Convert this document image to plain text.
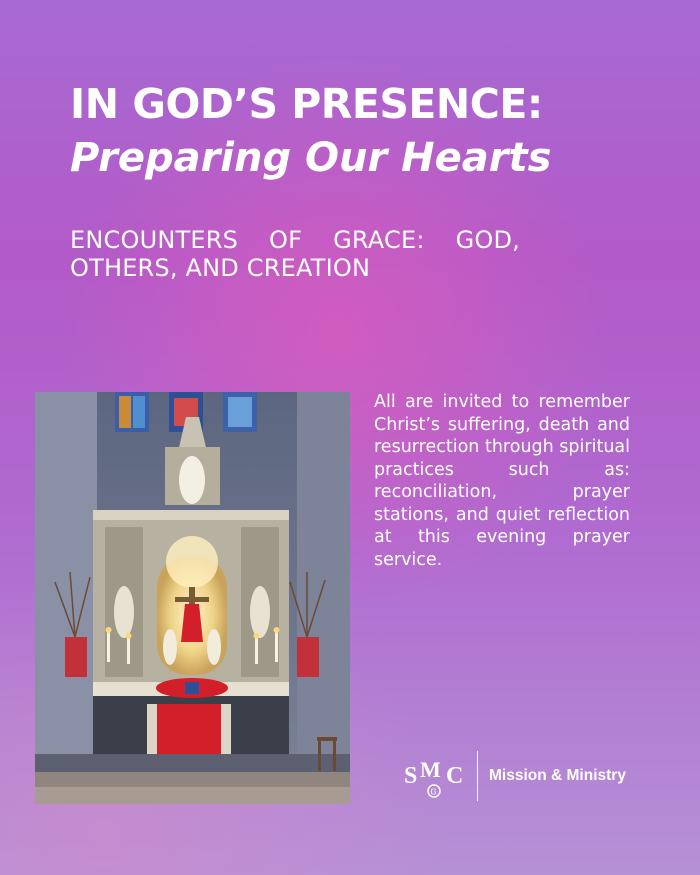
IN GOD’S PRESENCE:
Preparing Our Hearts
ENCOUNTERS OF GRACE: GOD, OTHERS, AND CREATION
All are invited to remember Christ’s suffering, death and resurrection through spiritual practices such as: reconciliation, prayer stations, and quiet reflection at this evening prayer service.
S M C
G
Mission & Ministry
